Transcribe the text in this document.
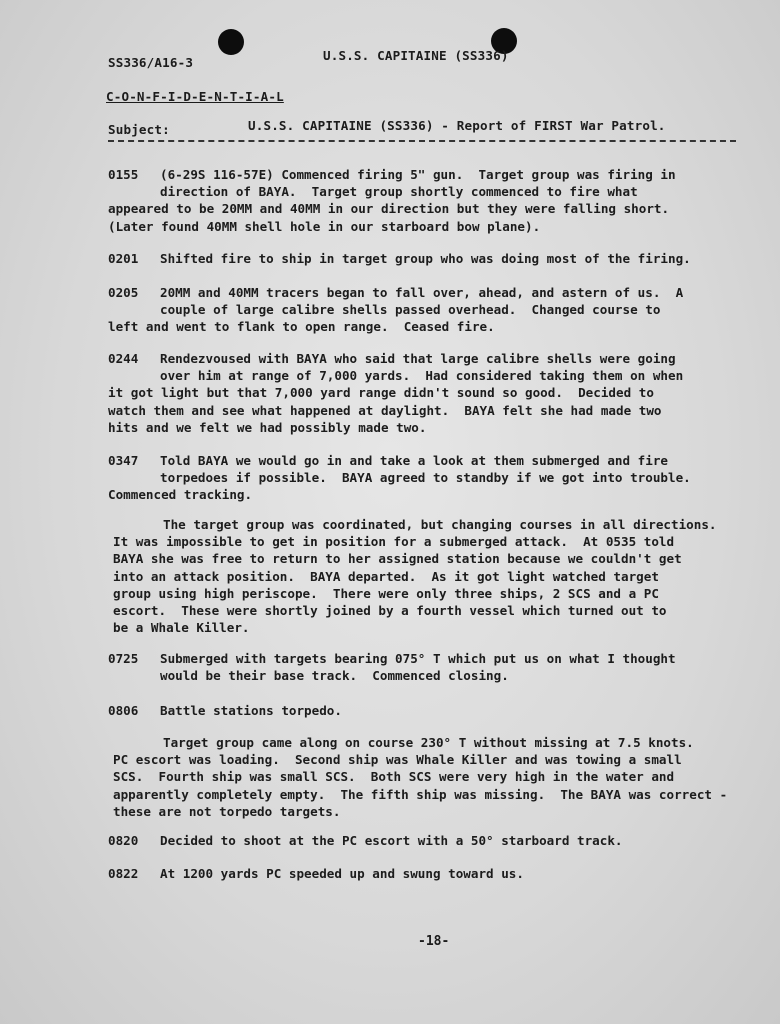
SS336/A16-3	U.S.S. CAPITAINE (SS336)
C-O-N-F-I-D-E-N-T-I-A-L
Subject:	U.S.S. CAPITAINE (SS336) - Report of FIRST War Patrol.
0155 (6-29S 116-57E) Commenced firing 5" gun.  Target group was firing in
direction of BAYA.  Target group shortly commenced to fire what
appeared to be 20MM and 40MM in our direction but they were falling short.
(Later found 40MM shell hole in our starboard bow plane).
0201 Shifted fire to ship in target group who was doing most of the firing.
0205 20MM and 40MM tracers began to fall over, ahead, and astern of us.  A
couple of large calibre shells passed overhead.  Changed course to
left and went to flank to open range.  Ceased fire.
0244 Rendezvoused with BAYA who said that large calibre shells were going
over him at range of 7,000 yards.  Had considered taking them on when
it got light but that 7,000 yard range didn't sound so good.  Decided to
watch them and see what happened at daylight.  BAYA felt she had made two
hits and we felt we had possibly made two.
0347 Told BAYA we would go in and take a look at them submerged and fire
torpedoes if possible.  BAYA agreed to standby if we got into trouble.
Commenced tracking.
The target group was coordinated, but changing courses in all directions.
It was impossible to get in position for a submerged attack.  At 0535 told
BAYA she was free to return to her assigned station because we couldn't get
into an attack position.  BAYA departed.  As it got light watched target
group using high periscope.  There were only three ships, 2 SCS and a PC
escort.  These were shortly joined by a fourth vessel which turned out to
be a Whale Killer.
0725 Submerged with targets bearing 075° T which put us on what I thought
would be their base track.  Commenced closing.
0806 Battle stations torpedo.
Target group came along on course 230° T without missing at 7.5 knots.
PC escort was loading.  Second ship was Whale Killer and was towing a small
SCS.  Fourth ship was small SCS.  Both SCS were very high in the water and
apparently completely empty.  The fifth ship was missing.  The BAYA was correct -
these are not torpedo targets.
0820 Decided to shoot at the PC escort with a 50° starboard track.
0822 At 1200 yards PC speeded up and swung toward us.
-18-
